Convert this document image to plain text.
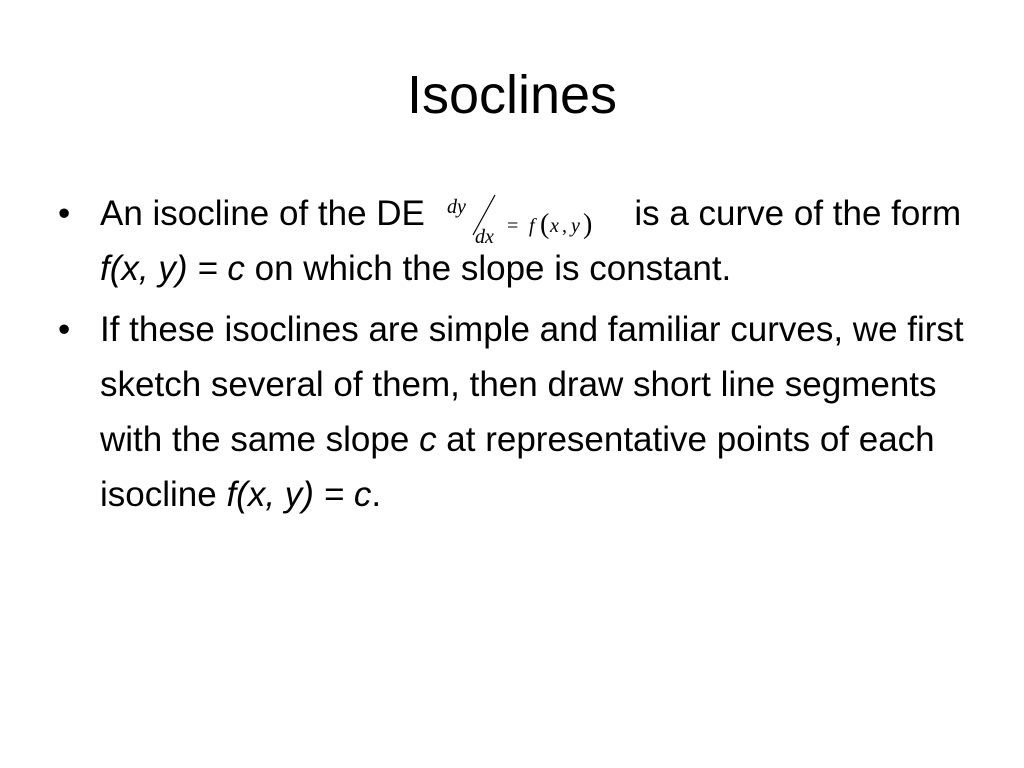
Isoclines
• An isocline of the DE dy
dx = f ( x , y ) is a curve of the form f(x, y) = c on which the slope is constant.
• If these isoclines are simple and familiar curves, we first sketch several of them, then draw short line segments with the same slope c at representative points of each isocline f(x, y) = c.
